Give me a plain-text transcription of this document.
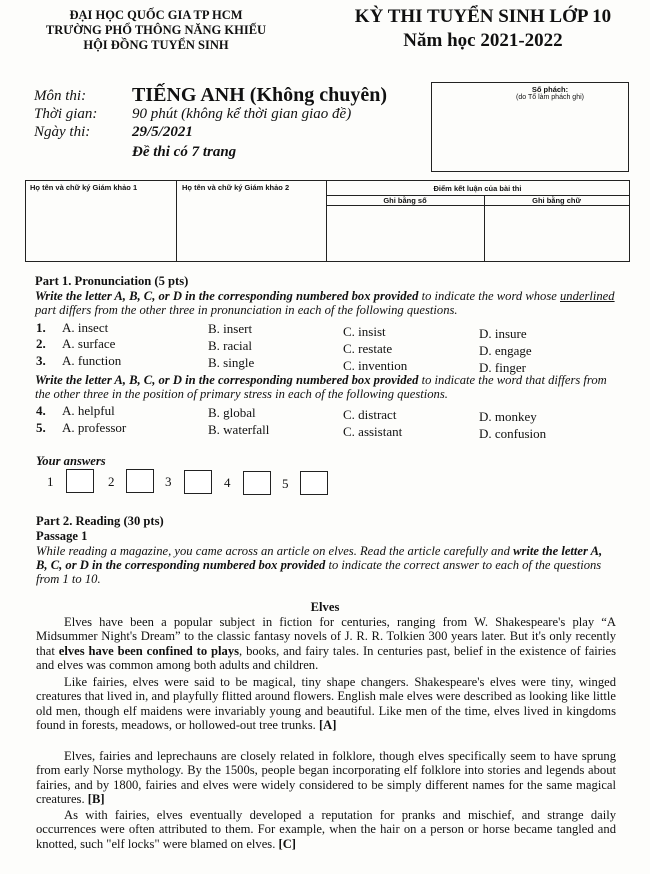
ĐẠI HỌC QUỐC GIA TP HCM
TRƯỜNG PHỔ THÔNG NĂNG KHIẾU
HỘI ĐỒNG TUYỂN SINH
KỲ THI TUYỂN SINH LỚP 10
Năm học 2021-2022
Môn thi: TIẾNG ANH (Không chuyên)
Thời gian: 90 phút (không kể thời gian giao đề)
Ngày thi:	29/5/2021
Đề thi có 7 trang
Số phách:
(do Tổ làm phách ghi)
Họ tên và chữ ký Giám khảo 1	Họ tên và chữ ký Giám khảo 2	Điểm kết luận của bài thi
Ghi bằng số	Ghi bằng chữ
Part 1. Pronunciation (5 pts)
Write the letter A, B, C, or D in the corresponding numbered box provided to indicate the word whose underlined part differs from the other three in pronunciation in each of the following questions.
1. A. insect	B. insert	C. insist	D. insure
2. A. surface	B. racial	C. restate	D. engage
3. A. function	B. single	C. invention	D. finger
Write the letter A, B, C, or D in the corresponding numbered box provided to indicate the word that differs from the other three in the position of primary stress in each of the following questions.
4. A. helpful	B. global	C. distract	D. monkey
5. A. professor	B. waterfall	C. assistant	D. confusion
Your answers
1	2	3	4	5
Part 2. Reading (30 pts)
Passage 1
While reading a magazine, you came across an article on elves. Read the article carefully and write the letter A, B, C, or D in the corresponding numbered box provided to indicate the correct answer to each of the questions from 1 to 10.
Elves
Elves have been a popular subject in fiction for centuries, ranging from W. Shakespeare's play “A Midsummer Night's Dream” to the classic fantasy novels of J. R. R. Tolkien 300 years later. But it's only recently that elves have been confined to plays, books, and fairy tales. In centuries past, belief in the existence of fairies and elves was common among both adults and children.
Like fairies, elves were said to be magical, tiny shape changers. Shakespeare's elves were tiny, winged creatures that lived in, and playfully flitted around flowers. English male elves were described as looking like little old men, though elf maidens were invariably young and beautiful. Like men of the time, elves lived in kingdoms found in forests, meadows, or hollowed-out tree trunks. [A]
Elves, fairies and leprechauns are closely related in folklore, though elves specifically seem to have sprung from early Norse mythology. By the 1500s, people began incorporating elf folklore into stories and legends about fairies, and by 1800, fairies and elves were widely considered to be simply different names for the same magical creatures. [B]
As with fairies, elves eventually developed a reputation for pranks and mischief, and strange daily occurrences were often attributed to them. For example, when the hair on a person or horse became tangled and knotted, such "elf locks" were blamed on elves. [C]
